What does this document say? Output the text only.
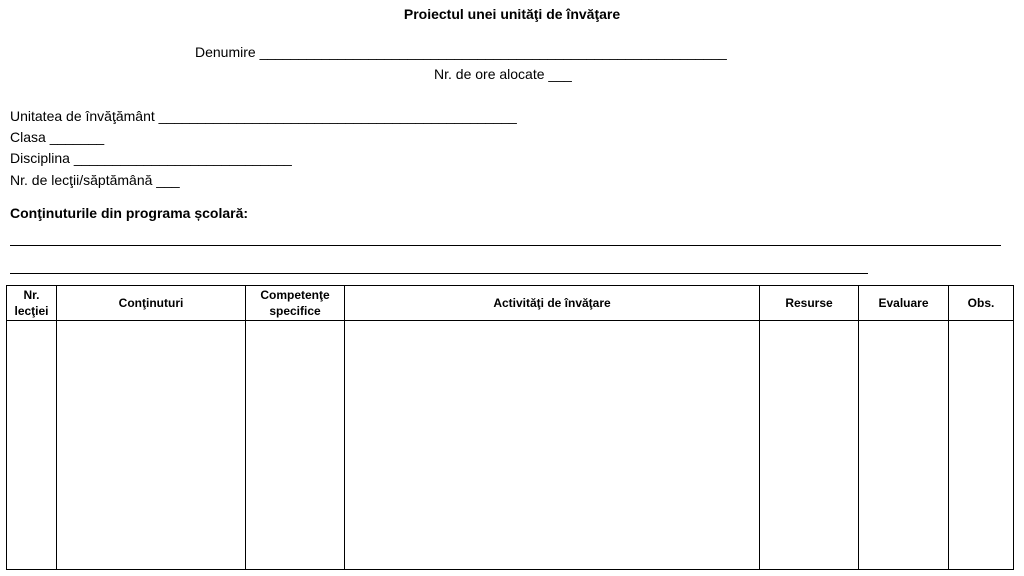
Proiectul unei unităţi de învăţare
Denumire ____________________________________________________________
Nr. de ore alocate ___
Unitatea de învăţământ ______________________________________________
Clasa _______
Disciplina ____________________________
Nr. de lecţii/săptămână ___
Conţinuturile din programa școlară:
Nr. lecţiei	Conţinuturi	Competenţe specifice	Activităţi de învăţare	Resurse	Evaluare	Obs.
